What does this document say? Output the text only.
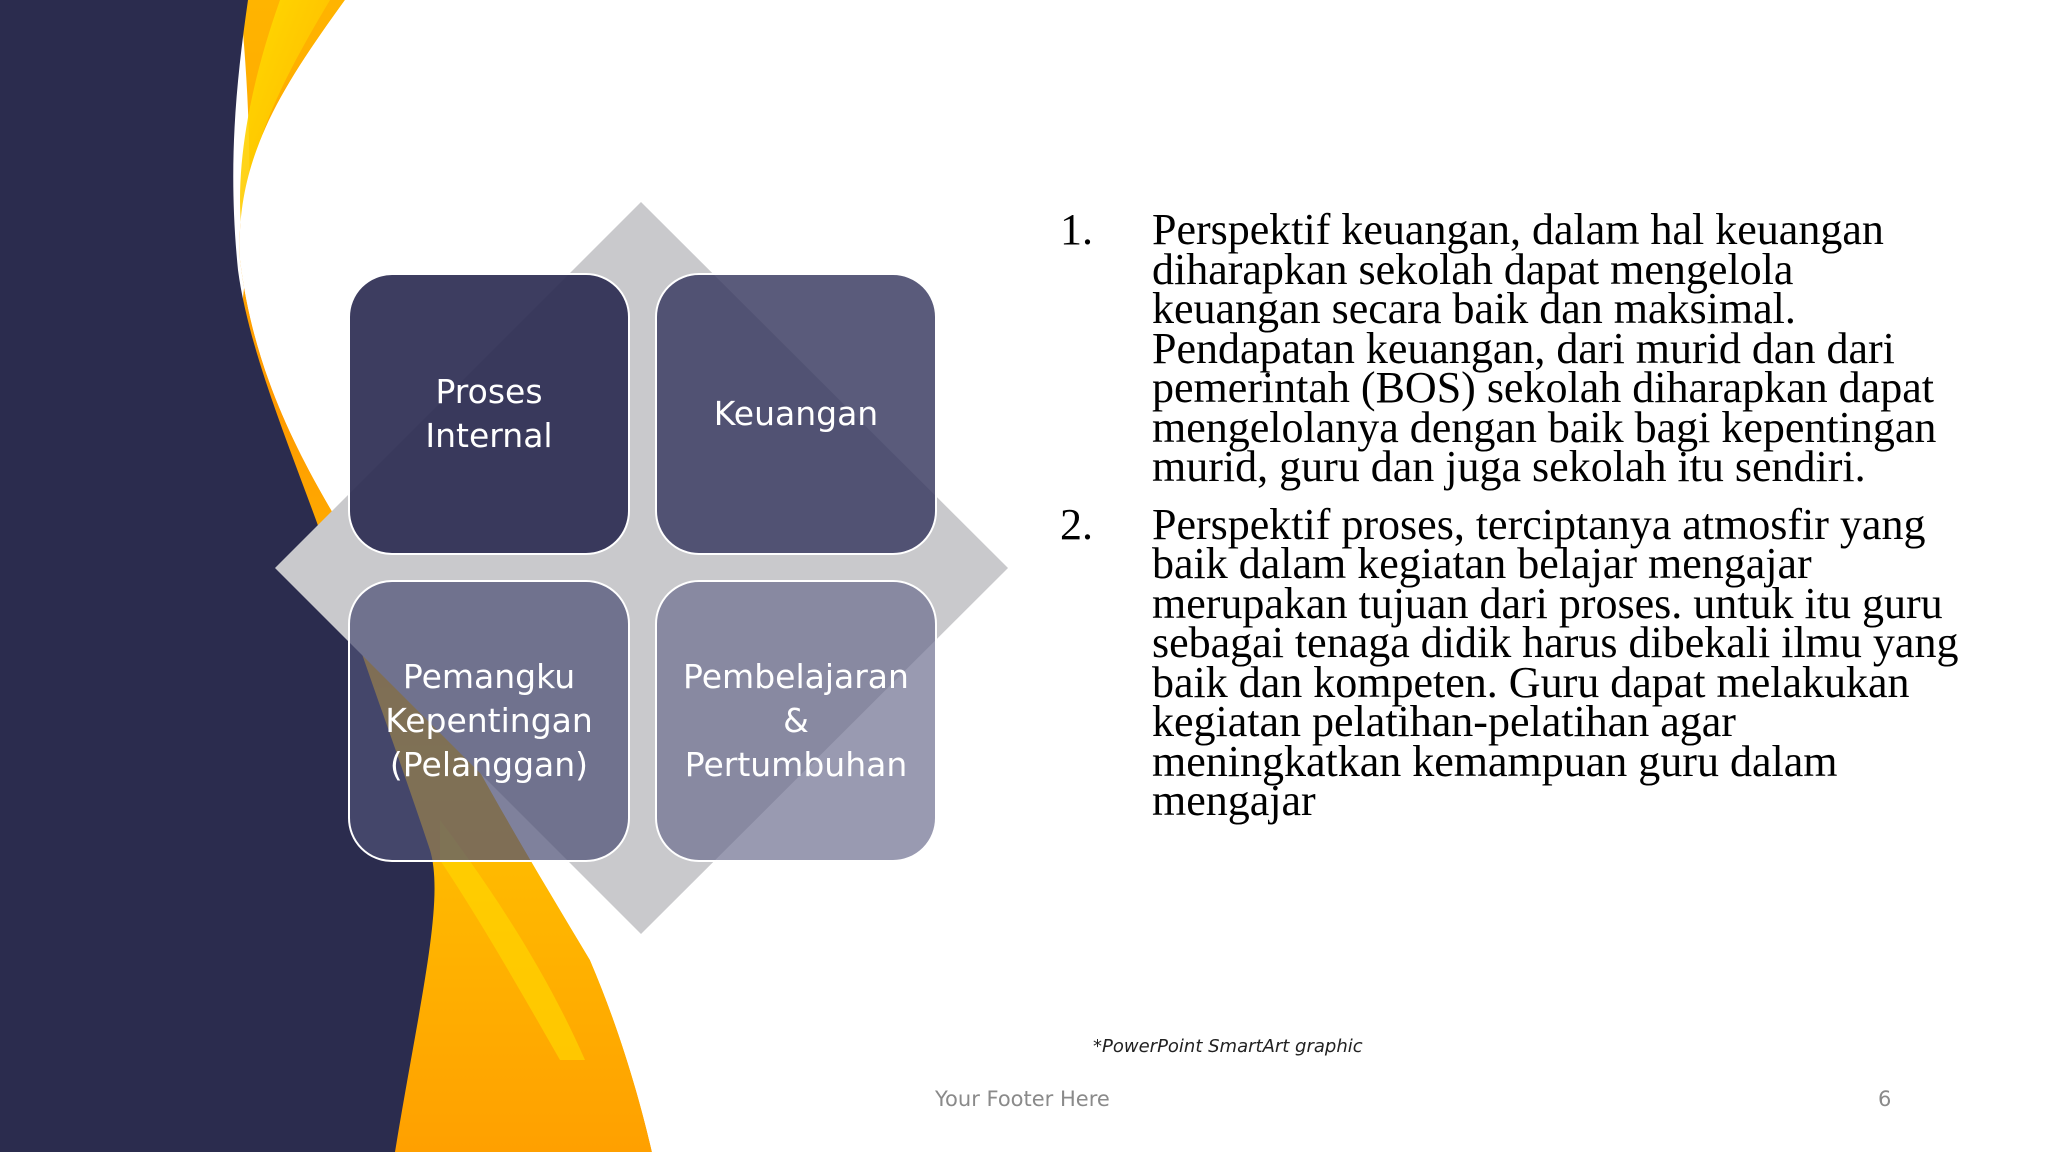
Proses
Internal
Keuangan
Pemangku
Kepentingan
(Pelanggan)
Pembelajaran
&
Pertumbuhan
1. Perspektif keuangan, dalam hal keuangan diharapkan sekolah dapat mengelola keuangan secara baik dan maksimal. Pendapatan keuangan, dari murid dan dari pemerintah (BOS) sekolah diharapkan dapat mengelolanya dengan baik bagi kepentingan murid, guru dan juga sekolah itu sendiri.
2. Perspektif proses, terciptanya atmosfir yang baik dalam kegiatan belajar mengajar merupakan tujuan dari proses. untuk itu guru sebagai tenaga didik harus dibekali ilmu yang baik dan kompeten. Guru dapat melakukan kegiatan pelatihan-pelatihan agar meningkatkan kemampuan guru dalam mengajar
*PowerPoint SmartArt graphic
Your Footer Here	6
